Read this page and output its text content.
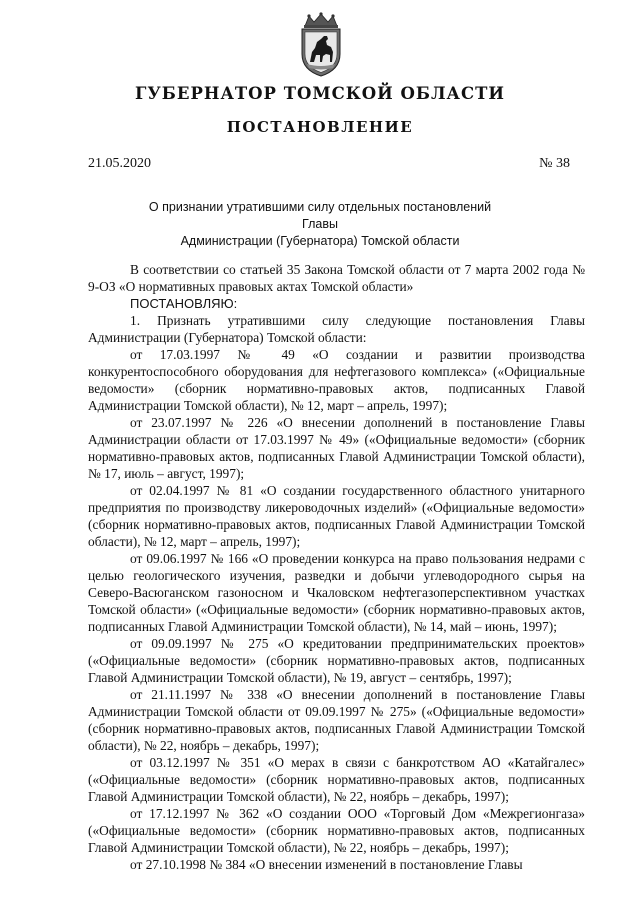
ГУБЕРНАТОР ТОМСКОЙ ОБЛАСТИ
ПОСТАНОВЛЕНИЕ
21.05.2020	№ 38
О признании утратившими силу отдельных постановлений Главы
Администрации (Губернатора) Томской области

В соответствии со статьей 35 Закона Томской области от 7 марта 2002 года № 9-ОЗ «О нормативных правовых актах Томской области»

ПОСТАНОВЛЯЮ:

1. Признать утратившими силу следующие постановления Главы Администрации (Губернатора) Томской области:

от 17.03.1997 № 49 «О создании и развитии производства конкурентоспособного оборудования для нефтегазового комплекса» («Официальные ведомости» (сборник нормативно-правовых актов, подписанных Главой Администрации Томской области), № 12, март – апрель, 1997);

от 23.07.1997 № 226 «О внесении дополнений в постановление Главы Администрации области от 17.03.1997 № 49» («Официальные ведомости» (сборник нормативно-правовых актов, подписанных Главой Администрации Томской области), № 17, июль – август, 1997);

от 02.04.1997 № 81 «О создании государственного областного унитарного предприятия по производству ликероводочных изделий» («Официальные ведомости» (сборник нормативно-правовых актов, подписанных Главой Администрации Томской области), № 12, март – апрель, 1997);

от 09.06.1997 № 166 «О проведении конкурса на право пользования недрами с целью геологического изучения, разведки и добычи углеводородного сырья на Северо-Васюганском газоносном и Чкаловском нефтегазоперспективном участках Томской области» («Официальные ведомости» (сборник нормативно-правовых актов, подписанных Главой Администрации Томской области), № 14, май – июнь, 1997);

от 09.09.1997 № 275 «О кредитовании предпринимательских проектов» («Официальные ведомости» (сборник нормативно-правовых актов, подписанных Главой Администрации Томской области), № 19, август – сентябрь, 1997);

от 21.11.1997 № 338 «О внесении дополнений в постановление Главы Администрации Томской области от 09.09.1997 № 275» («Официальные ведомости» (сборник нормативно-правовых актов, подписанных Главой Администрации Томской области), № 22, ноябрь – декабрь, 1997);

от 03.12.1997 № 351 «О мерах в связи с банкротством АО «Катайгалес» («Официальные ведомости» (сборник нормативно-правовых актов, подписанных Главой Администрации Томской области), № 22, ноябрь – декабрь, 1997);

от 17.12.1997 № 362 «О создании ООО «Торговый Дом «Межрегионгаза» («Официальные ведомости» (сборник нормативно-правовых актов, подписанных Главой Администрации Томской области), № 22, ноябрь – декабрь, 1997);

от 27.10.1998 № 384 «О внесении изменений в постановление Главы
